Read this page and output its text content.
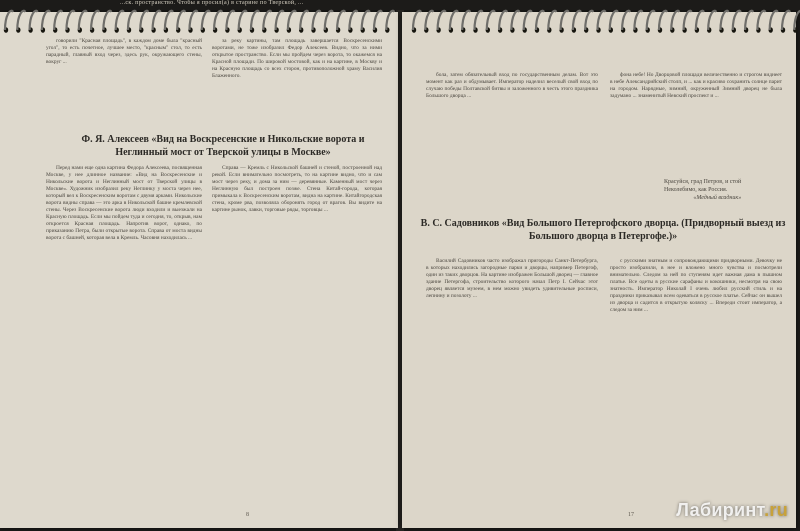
говорили "Красная площадь", в каждом доме была "красный угол", то есть почетное, лучшее место, "красным" стол, то есть парадный, главный вход через, здесь рук, окружающего стены, вокруг ...

за реку картины, там площадь завершается Воскресенскими воротами, не тоже изобразил Федор Алексеев. Видно, что за ними открытое пространство. Если мы пройдем через ворота, то окажемся на Красной площади. По широкой мостовой, как и на картине, в Москву и на Красную площадь со всех сторон, противоположной храму Василия Блаженного.

Ф. Я. Алексеев «Вид на Воскресенские и Никольские ворота и Неглинный мост от Тверской улицы в Москве»

Перед нами еще одна картина Федора Алексеева, посвященная Москве, у нее длинное название: «Вид на Воскресенские и Никольские ворота и Неглинный мост от Тверской улицы в Москве». Художник изобразил реку Неглинку у моста через нее, который вел к Воскресенским воротам с двумя арками. Никольские ворота видны справа — это арка в Никольской башне кремлевской стены. Через Воскресенские ворота люди входили и выезжали на Красную площадь. Если мы пойдем туда и сегодня, то, открыв, нам откроется Красная площадь. Напротив ворот, однако, по приказанию Петра, были открытые ворота. Справа от моста видны ворота с башней, которая вела в Кремль. Часовня находилась ...

Справа — Кремль с Никольской башней и стеной, построенной над рекой. Если внимательно посмотреть, то на картине видно, что и сам мост через реку, и дома за ним — деревянные. Каменный мост через Неглинную был построен позже. Стена Китай-города, которая примыкала к Воскресенским воротам, видна на картине. Китайгородская стена, кроме рва, позволяла оборонять город от врагов. Вы видите на картине рынок, лавки, торговые ряды, торговцы ...

8

бола, затем обязательный вход по государственным делам. Вот это момент как раз и обдумывает. Император наделил веселый свой вход по случаю победы Полтавской битвы и заложенного в честь этого праздника Большого дворца ...

фона небе! Но Дворцовой площади величественно и строгом виднеет в небе Александрийский столп, и ... как и красиво сохранить солнце парит на городом. Нарядные, зимний, окруженный Зимний дворец не была задумано ... знаменитый Невский проспект и ...

Красуйся, град Петров, и стой
Неколебимо, как Россия.
«Медный всадник»
В. С. Садовников «Вид Большого Петергофского дворца. (Придворный выезд из Большого дворца в Петергофе.)»

Василий Садовников часто изображал пригороды Санкт-Петербурга, в которых находились загородные парки и дворцы, например Петергоф, один из таких дворцов. На картине изображен Большой дворец — главное здание Петергофа, строительство которого начал Петр I. Сейчас этот дворец является музеем, в нем можно увидеть удивительные росписи, лепнину и позолоту ...

с русскими знатным и сопровождающими придворными. Девочку не просто изобразили, в нее и вложено много чувства и посмотрели внимательно. Следом за ней по ступеням идет важная дама в пышном платье. Все одеты в русские сарафаны и кокошники, несмотря на свою знатность. Император Николай I очень любил русский стиль и на праздники приказывал всем одеваться в русское платье. Сейчас он вышел из дворца и садится в открытую коляску ... Впереди стоит император, а следом за ним ...

17
...ск. пространство. Чтобы я просил(а) в старине по Тверской, ...
Лабиринт.ru
